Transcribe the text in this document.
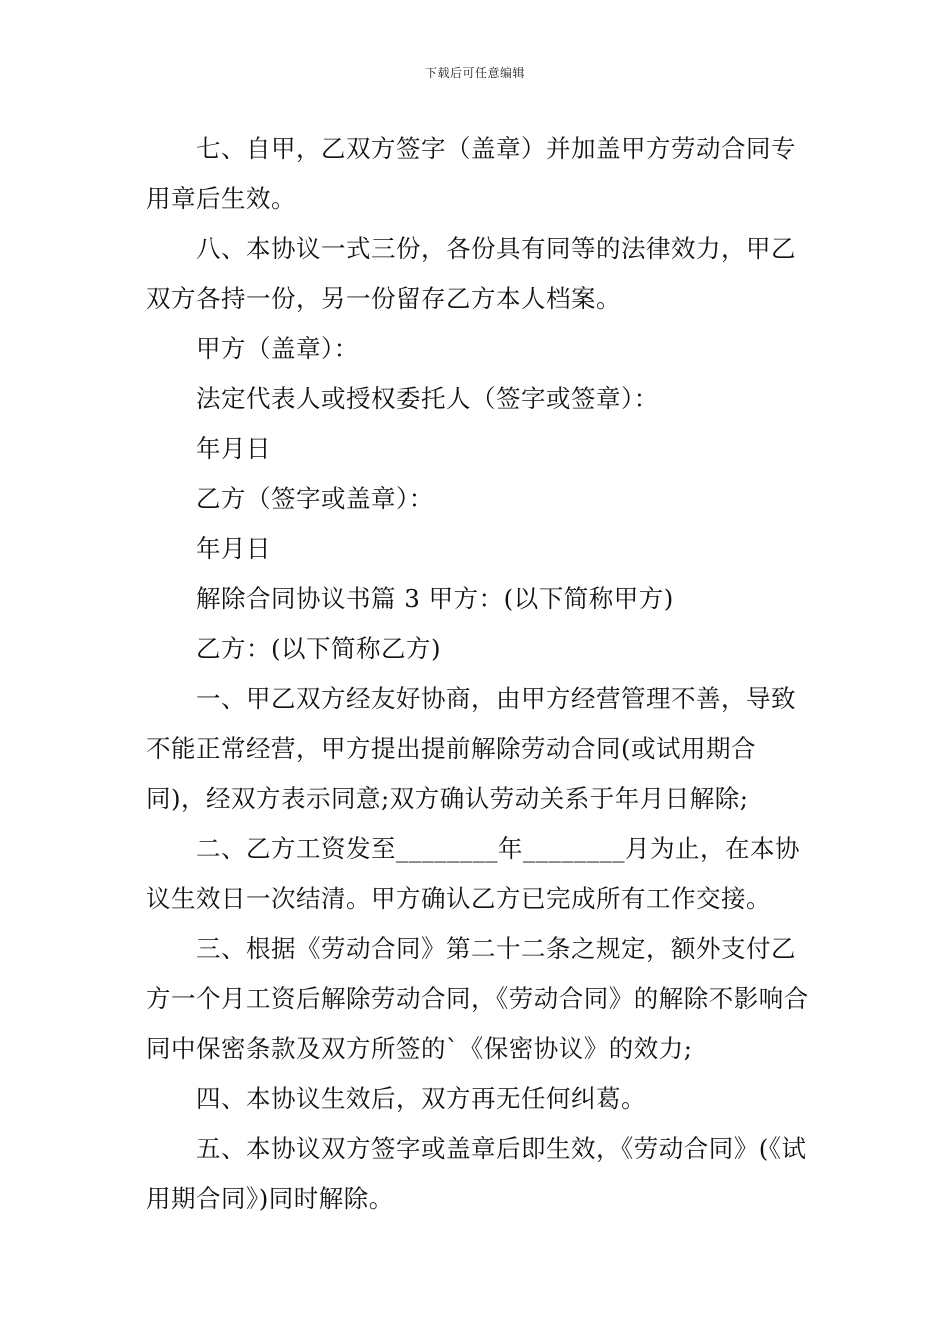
下载后可任意编辑

七、自甲，乙双方签字（盖章）并加盖甲方劳动合同专用章后生效。

八、本协议一式三份，各份具有同等的法律效力，甲乙双方各持一份，另一份留存乙方本人档案。

甲方（盖章）：

法定代表人或授权委托人（签字或签章）：

年月日

乙方（签字或盖章）：

年月日

解除合同协议书篇 3 甲方：(以下简称甲方)

乙方：(以下简称乙方)

一、甲乙双方经友好协商，由甲方经营管理不善，导致不能正常经营，甲方提出提前解除劳动合同(或试用期合同)，经双方表示同意;双方确认劳动关系于年月日解除;

二、乙方工资发至________年________月为止，在本协议生效日一次结清。甲方确认乙方已完成所有工作交接。

三、根据《劳动合同》第二十二条之规定，额外支付乙方一个月工资后解除劳动合同，《劳动合同》的解除不影响合同中保密条款及双方所签的`《保密协议》的效力;

四、本协议生效后，双方再无任何纠葛。

五、本协议双方签字或盖章后即生效，《劳动合同》(《试用期合同》)同时解除。
